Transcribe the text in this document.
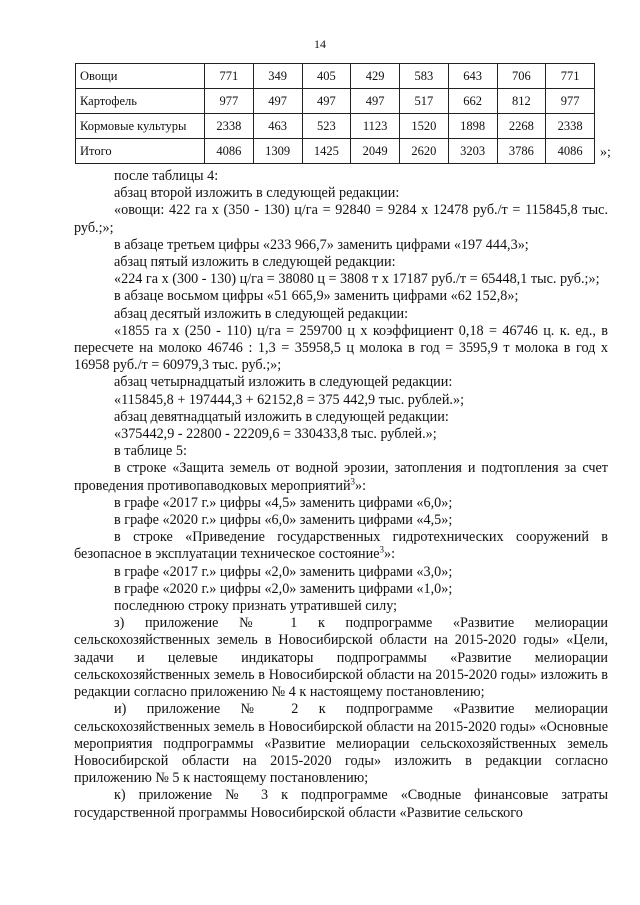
14
Овощи	771	349	405	429	583	643	706	771
Картофель	977	497	497	497	517	662	812	977
Кормовые культуры	2338	463	523	1123	1520	1898	2268	2338
Итого	4086	1309	1425	2049	2620	3203	3786	4086 »;

после таблицы 4:

абзац второй изложить в следующей редакции:

«овощи: 422 га х (350 - 130) ц/га = 92840 = 9284 х 12478 руб./т = 115845,8 тыс. руб.;»;

в абзаце третьем цифры «233 966,7» заменить цифрами «197 444,3»;

абзац пятый изложить в следующей редакции:

«224 га х (300 - 130) ц/га = 38080 ц = 3808 т х 17187 руб./т = 65448,1 тыс. руб.;»;

в абзаце восьмом цифры «51 665,9» заменить цифрами «62 152,8»;

абзац десятый изложить в следующей редакции:

«1855 га х (250 - 110) ц/га = 259700 ц х коэффициент 0,18 = 46746 ц. к. ед., в пересчете на молоко 46746 : 1,3 = 35958,5 ц молока в год = 3595,9 т молока в год х 16958 руб./т = 60979,3 тыс. руб.;»;

абзац четырнадцатый изложить в следующей редакции:

«115845,8 + 197444,3 + 62152,8 = 375 442,9 тыс. рублей.»;

абзац девятнадцатый изложить в следующей редакции:

«375442,9 - 22800 - 22209,6 = 330433,8 тыс. рублей.»;

в таблице 5:

в строке «Защита земель от водной эрозии, затопления и подтопления за счет проведения противопаводковых мероприятий$^3$»:

в графе «2017 г.» цифры «4,5» заменить цифрами «6,0»;

в графе «2020 г.» цифры «6,0» заменить цифрами «4,5»;

в строке «Приведение государственных гидротехнических сооружений в безопасное в эксплуатации техническое состояние$^3$»:

в графе «2017 г.» цифры «2,0» заменить цифрами «3,0»;

в графе «2020 г.» цифры «2,0» заменить цифрами «1,0»;

последнюю строку признать утратившей силу;

з) приложение № 1 к подпрограмме «Развитие мелиорации сельскохозяйственных земель в Новосибирской области на 2015-2020 годы» «Цели, задачи и целевые индикаторы подпрограммы «Развитие мелиорации сельскохозяйственных земель в Новосибирской области на 2015-2020 годы» изложить в редакции согласно приложению № 4 к настоящему постановлению;

и) приложение № 2 к подпрограмме «Развитие мелиорации сельскохозяйственных земель в Новосибирской области на 2015-2020 годы» «Основные мероприятия подпрограммы «Развитие мелиорации сельскохозяйственных земель Новосибирской области на 2015-2020 годы» изложить в редакции согласно приложению № 5 к настоящему постановлению;

к) приложение № 3 к подпрограмме «Сводные финансовые затраты государственной программы Новосибирской области «Развитие сельского
